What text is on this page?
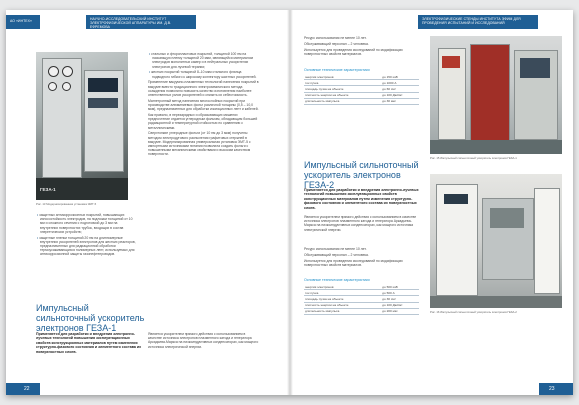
АО «ИНТЕХ»	НАУЧНО-ИССЛЕДОВАТЕЛЬСКИЙ ИНСТИТУТ ЭЛЕКТРОФИЗИЧЕСКОЙ АППАРАТУРЫ ИМ. Д.В. ЕФРЕМОВА
ГЕЗА-1
Рис. 13 Модернизированная установка ЭМТ-5

• защитных антикоррозионных покрытий, повышающих износостойкость электродов, на подложки толщиной от 10 мм и сложного сечения с подготовкой до 3 мм на внутренних поверхностях трубок, входящих в состав энергетических устройств;

• защитные пленки толщиной 20 нм на длинномерные внутренних ускорителей электронов для жестких реакторов, предназначенных для радиационной обработки термоусаживающихся полимерных лент, используемых для антикоррозионной защиты газонефтепроводов.

• стальных и фторопластовых покрытий, толщиной 100 нм на ласкающую пленку толщиной 20 мкм, являющейся материалом электродов монолитных камер и в нейтральных ускорителях электронов для лучевой терапии;

• жестких покрытий толщиной 8–10 мкм стального фланца подводного гибкого к широкому коллектору шахтных ускорителей.

Применение вакуумно-плазменных технологий нанесения покрытий в вакууме вместо традиционного электрохимического метода осаждения позволило повысить качество изготовления наиболее ответственных узлов ускорителей и снизить их себестоимость.

Магнетронный метод нанесения многослойных покрытий при производстве алюминиевых фольг различной толщины (0,5 – 10,0 мкм), предназначенных для обработки изоляционных лент и кабелей.

Как правило, в перезарядных и сбрасывающих мишенях предпочтение отдается углеродным фольгам, обладающим большей радиационной и температурной стойкостью по сравнению с металлическими.

Сверхтонкие углеродные фольги (от 10 нм до 3 мкм) получены методом электродугового распыления графитовых стержней в вакууме. Модернизированная универсальная установка ЭМТ-5 с импортными источниками питания позволила создать фольги с повышенными механическими свойствами и высоким качеством поверхности.

Импульсный сильноточный ускоритель электронов ГЕЗА-1
Применяется для разработки и внедрения электронно-лучевых технологий повышения эксплуатационных свойств конструкционных материалов путем изменения структурно-фазового состояния и элементного состава их поверхностных слоев.
Является ускорителем прямого действия с использованием в качестве источника электронов плазменного катода и генератора Аркадьева-Маркса на низкоиндуктивных конденсаторах, как мощного источника электрической энергии.
22
ЭЛЕКТРОФИЗИЧЕСКИЕ СТЕНДЫ ИНСТИТУТА ЭФИМ ДЛЯ ПРОВЕДЕНИЯ ИСПЫТАНИЙ И ИССЛЕДОВАНИЙ

Ресурс использования не менее 10 лет.

Обслуживающий персонал – 2 человека.

Используется для проведения исследований по модификации поверхностных свойств материалов.

Основные технические характеристики
энергия электронов	до 150 кэВ
ток пучка	до 1000 А
площадь пучка на объекте	до 60 см²
плотность энергии на объекте	до 100 Дж/см²
длительность импульса	до 30 мкс
Рис. 15 Импульсный сильноточный ускоритель электронов ГЕЗА-1
Импульсный сильноточный ускоритель электронов ГЕЗА-2
Применяется для разработки и внедрения электронно-лучевых технологий повышения эксплуатационных свойств конструкционных материалов путем изменения структурно-фазового состояния и элементного состава их поверхностных слоев.
Является ускорителем прямого действия с использованием в качестве источника электронов плазменного катода и генератора Аркадьева-Маркса на низкоиндуктивных конденсаторах, как мощного источника электрической энергии.

Ресурс использования не менее 10 лет.

Обслуживающий персонал – 2 человека.

Используется для проведения исследований по модификации поверхностных свойств материалов.

Основные технические характеристики
энергия электронов	до 500 кэВ
ток пучка	до 500 А
площадь пучка на объекте	до 30 см²
плотность энергии на объекте	до 100 Дж/см²
длительность импульса	до 200 мкс	Рис. 16 Импульсный сильноточный ускоритель электронов ГЕЗА-2
23
